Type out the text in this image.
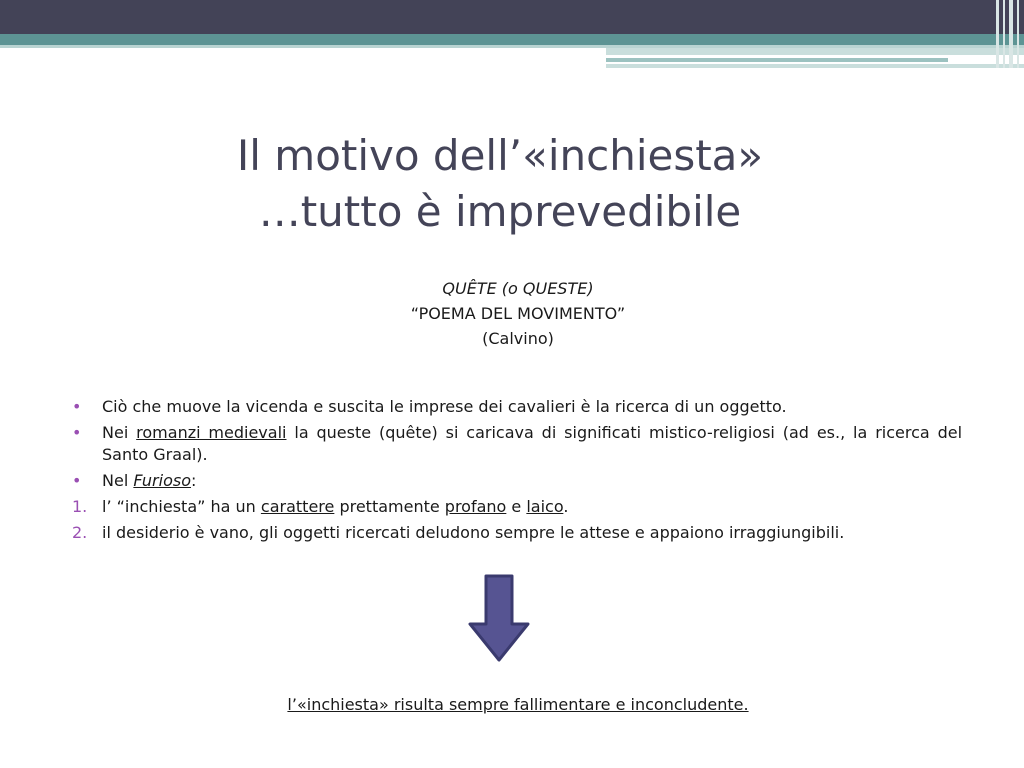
Il motivo dell’«inchiesta»
…tutto è imprevedibile
QUÊTE (o QUESTE)
“POEMA DEL MOVIMENTO”
(Calvino)
• Ciò che muove la vicenda e suscita le imprese dei cavalieri è la ricerca di un oggetto.
• Nei romanzi medievali la queste (quête) si caricava di significati mistico-religiosi (ad es., la ricerca del Santo Graal).
• Nel Furioso:
1. l’ “inchiesta” ha un carattere prettamente profano e laico.
2. il desiderio è vano, gli oggetti ricercati deludono sempre le attese e appaiono irraggiungibili.
l’«inchiesta» risulta sempre fallimentare e inconcludente.
